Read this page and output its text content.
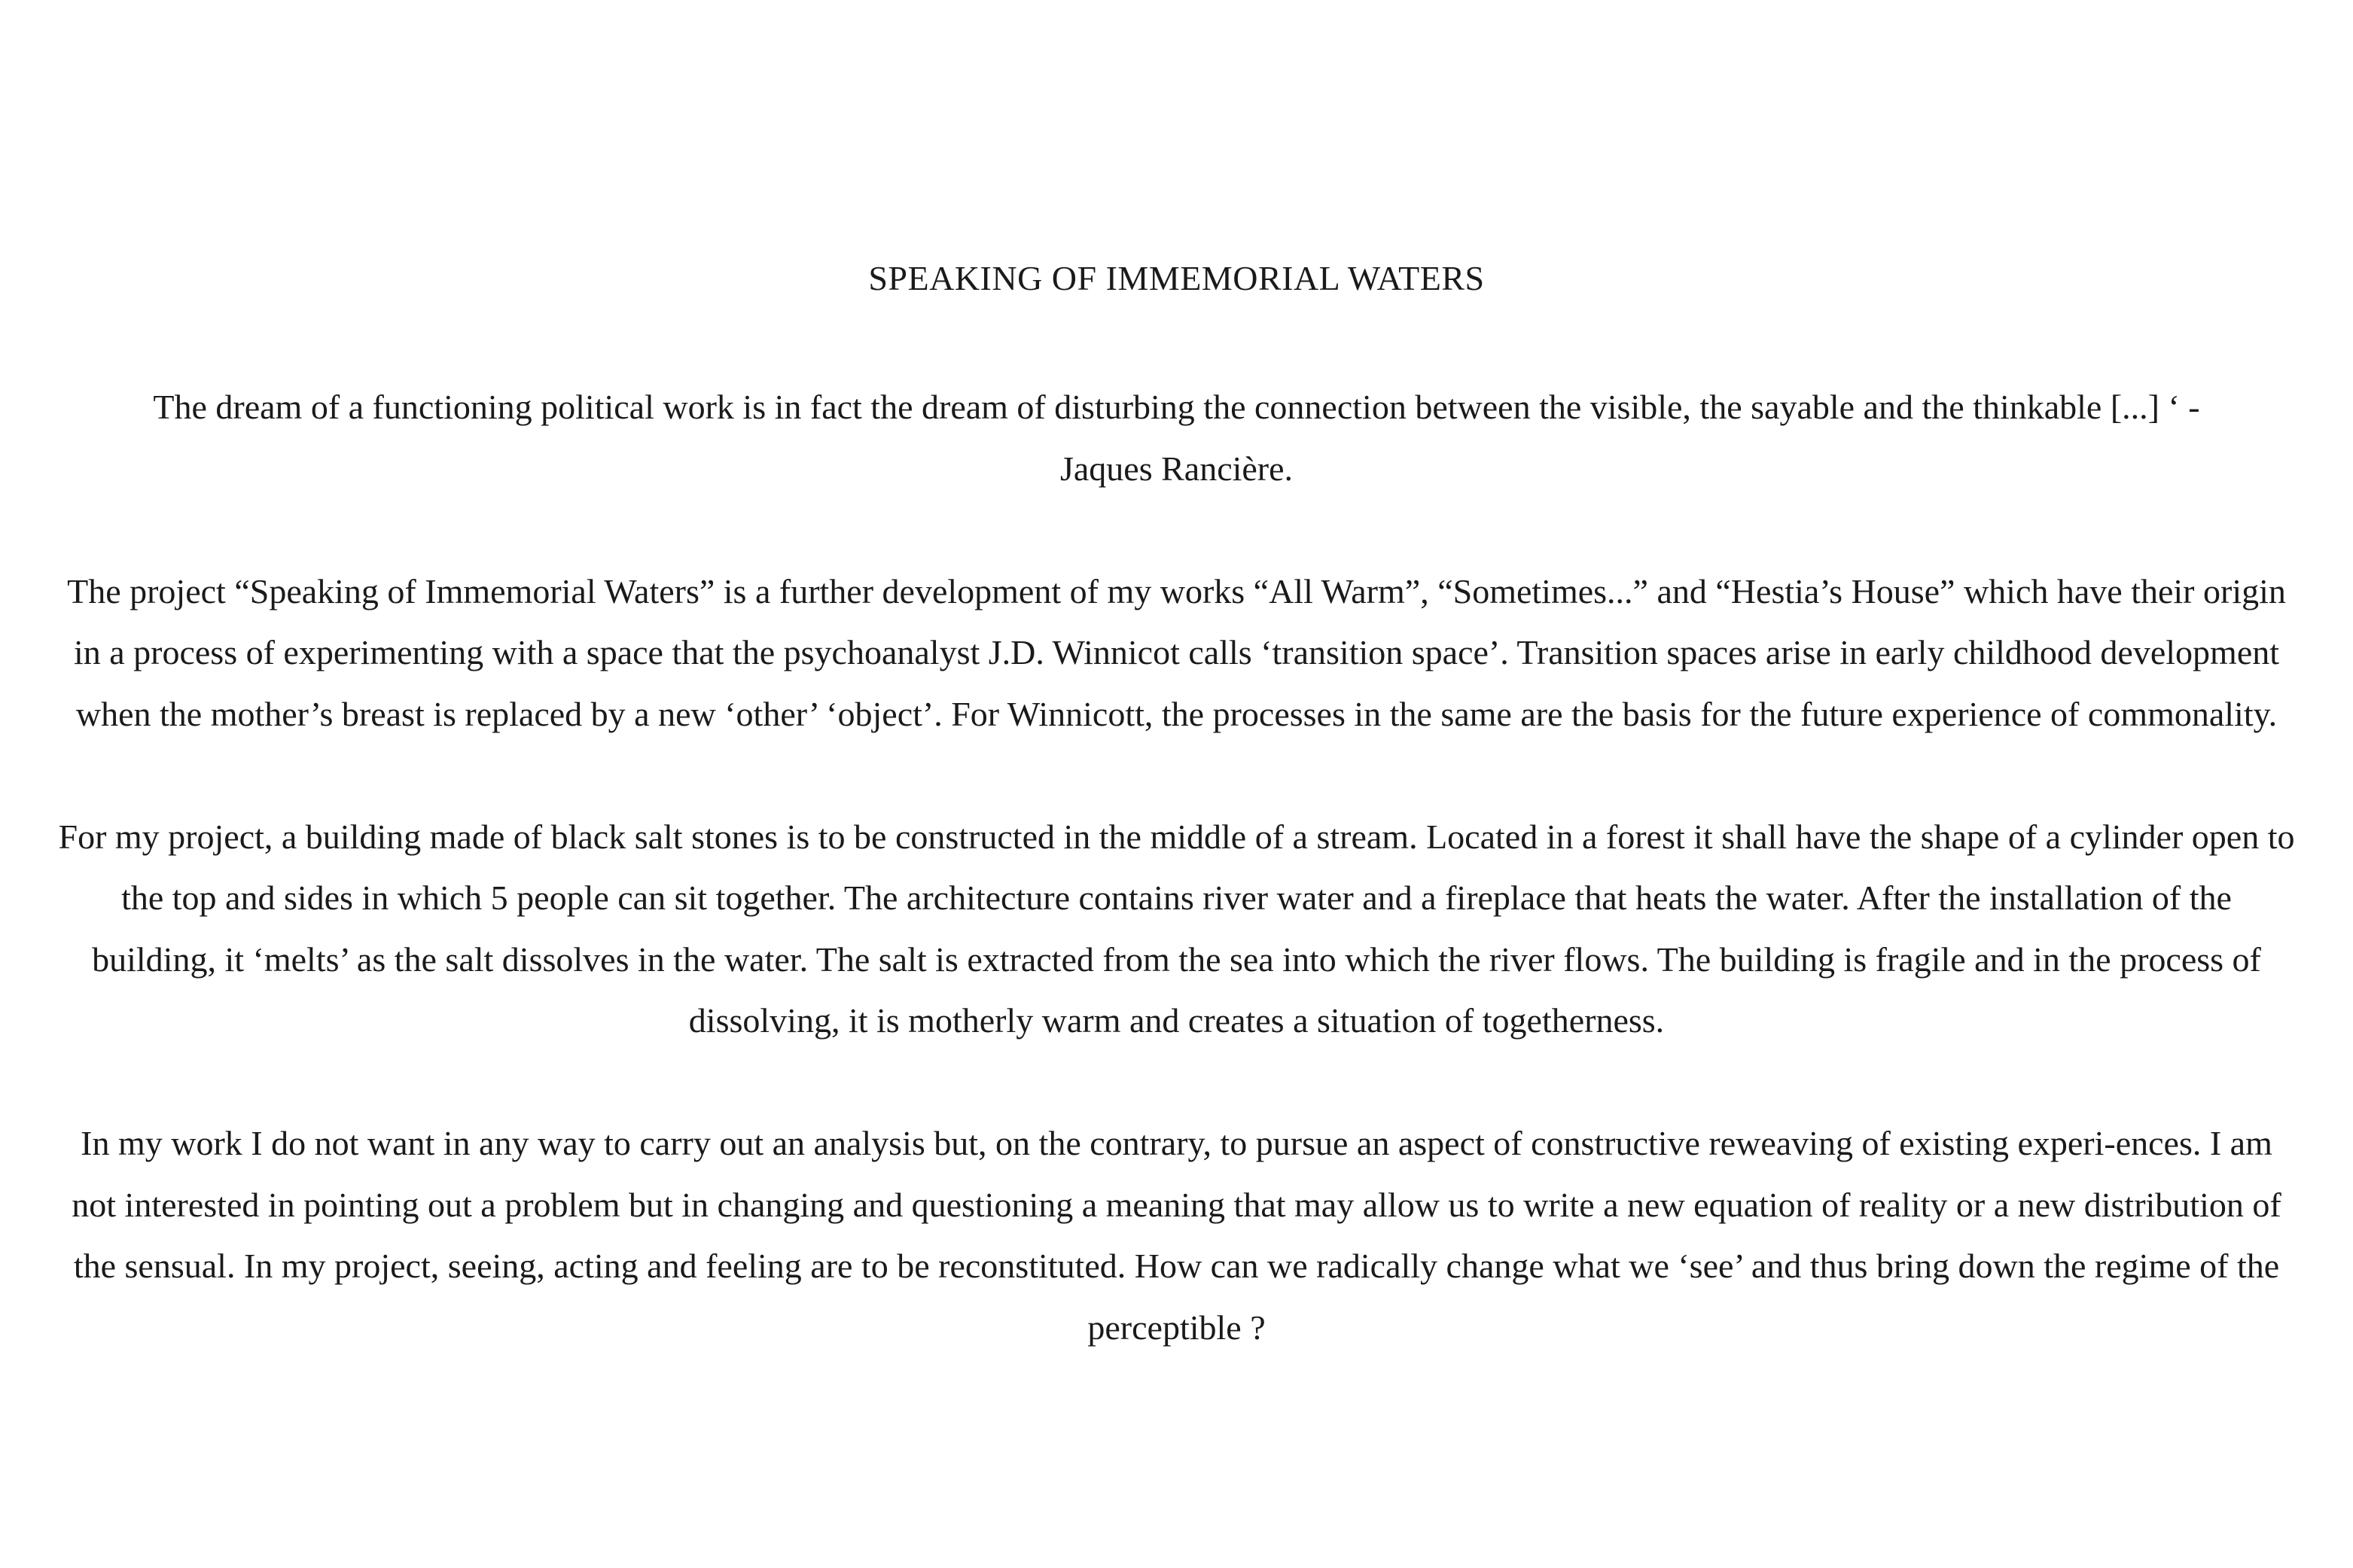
SPEAKING OF IMMEMORIAL WATERS

The dream of a functioning political work is in fact the dream of disturbing the connection between the visible, the sayable and the thinkable [...] ‘ -
Jaques Rancière.

The project “Speaking of Immemorial Waters” is a further development of my works “All Warm”, “Sometimes...” and “Hestia’s House” which have their origin in a process of experimenting with a space that the psychoanalyst J.D. Winnicot calls ‘transition space’. Transition spaces arise in early childhood development when the mother’s breast is replaced by a new ‘other’ ‘object’. For Winnicott, the processes in the same are the basis for the future experience of commonality.

For my project, a building made of black salt stones is to be constructed in the middle of a stream. Located in a forest it shall have the shape of a cylinder open to the top and sides in which 5 people can sit together. The architecture contains river water and a fireplace that heats the water. After the installation of the building, it ‘melts’ as the salt dissolves in the water. The salt is extracted from the sea into which the river flows. The building is fragile and in the process of dissolving, it is motherly warm and creates a situation of togetherness.

In my work I do not want in any way to carry out an analysis but, on the contrary, to pursue an aspect of constructive reweaving of existing experi-ences. I am not interested in pointing out a problem but in changing and questioning a meaning that may allow us to write a new equation of reality or a new distribution of the sensual. In my project, seeing, acting and feeling are to be reconstituted. How can we radically change what we ‘see’ and thus bring down the regime of the perceptible ?
